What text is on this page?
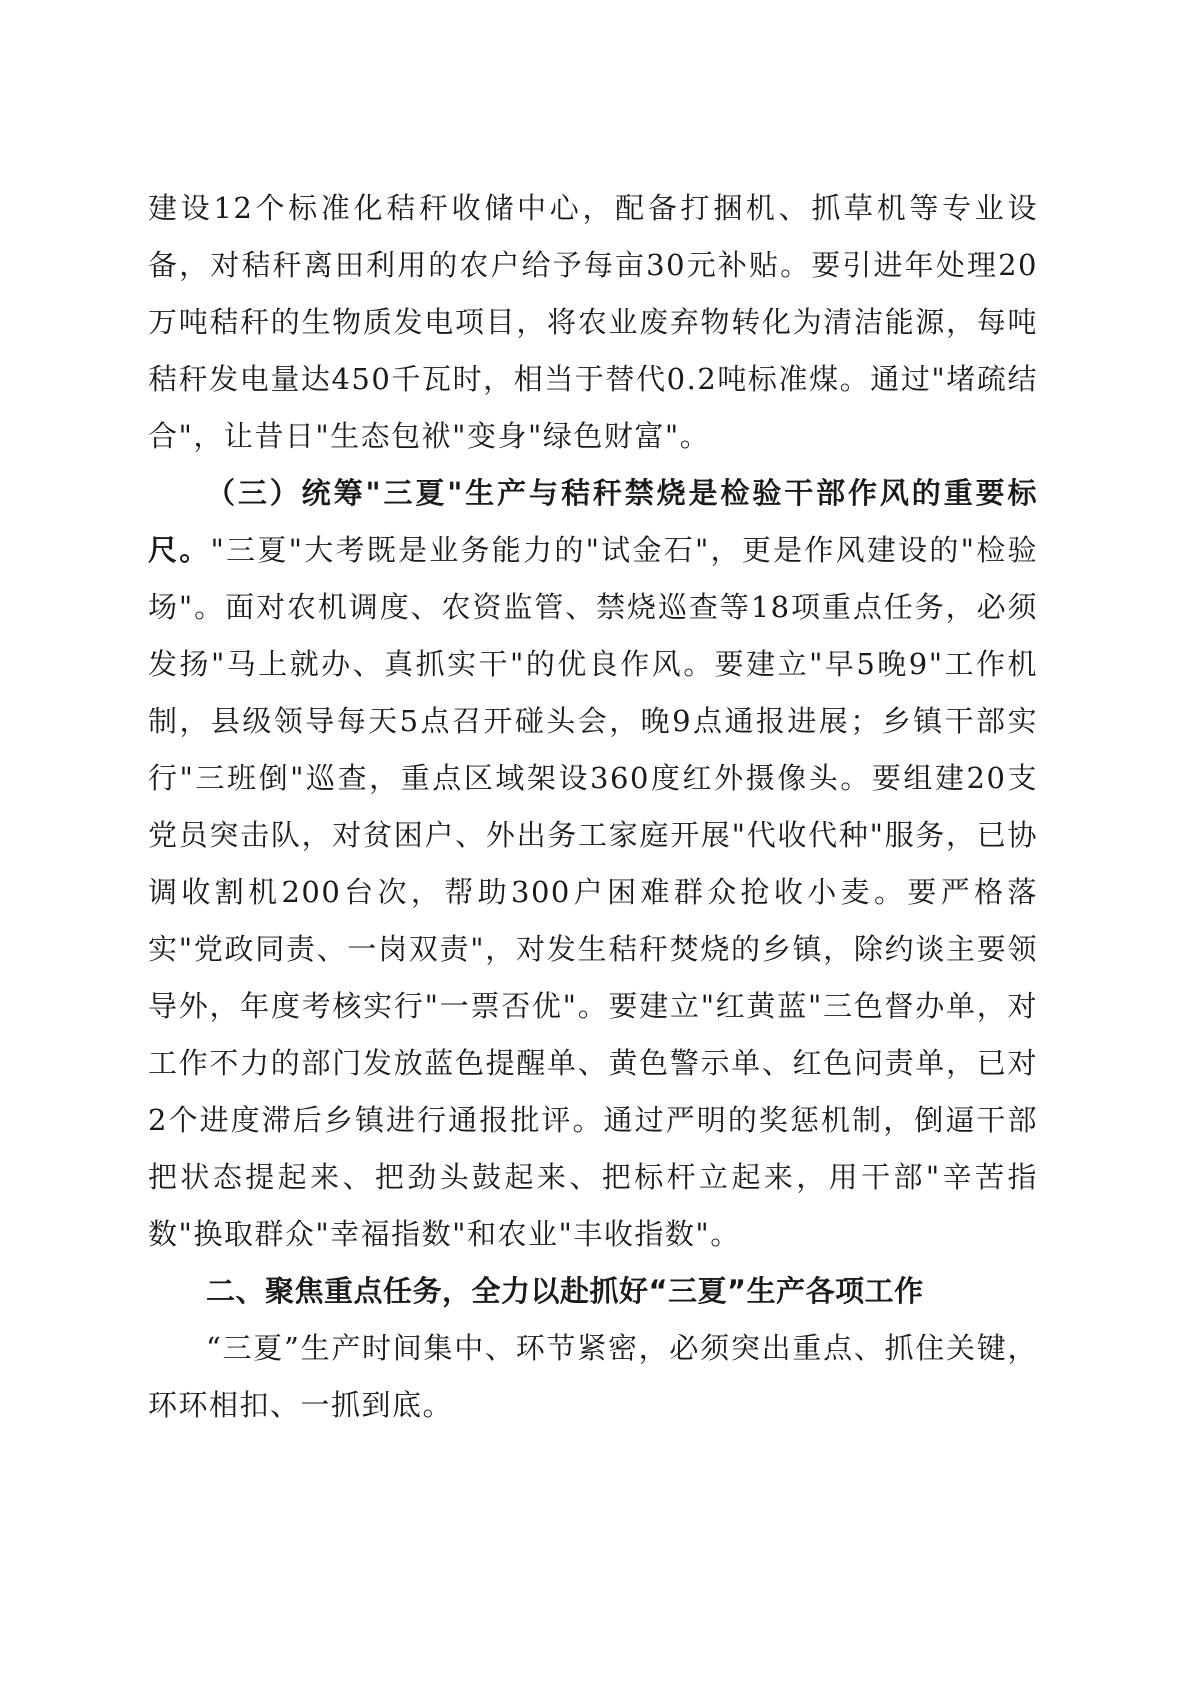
建设12个标准化秸秆收储中心，配备打捆机、抓草机等专业设备，对秸秆离田利用的农户给予每亩30元补贴。要引进年处理20万吨秸秆的生物质发电项目，将农业废弃物转化为清洁能源，每吨秸秆发电量达450千瓦时，相当于替代0.2吨标准煤。通过"堵疏结合"，让昔日"生态包袱"变身"绿色财富"。

（三）统筹"三夏"生产与秸秆禁烧是检验干部作风的重要标尺。"三夏"大考既是业务能力的"试金石"，更是作风建设的"检验场"。面对农机调度、农资监管、禁烧巡查等18项重点任务，必须发扬"马上就办、真抓实干"的优良作风。要建立"早5晚9"工作机制，县级领导每天5点召开碰头会，晚9点通报进展；乡镇干部实行"三班倒"巡查，重点区域架设360度红外摄像头。要组建20支党员突击队，对贫困户、外出务工家庭开展"代收代种"服务，已协调收割机200台次，帮助300户困难群众抢收小麦。要严格落实"党政同责、一岗双责"，对发生秸秆焚烧的乡镇，除约谈主要领导外，年度考核实行"一票否优"。要建立"红黄蓝"三色督办单，对工作不力的部门发放蓝色提醒单、黄色警示单、红色问责单，已对2个进度滞后乡镇进行通报批评。通过严明的奖惩机制，倒逼干部把状态提起来、把劲头鼓起来、把标杆立起来，用干部"辛苦指数"换取群众"幸福指数"和农业"丰收指数"。

二、聚焦重点任务，全力以赴抓好“三夏”生产各项工作

“三夏”生产时间集中、环节紧密，必须突出重点、抓住关键，环环相扣、一抓到底。
